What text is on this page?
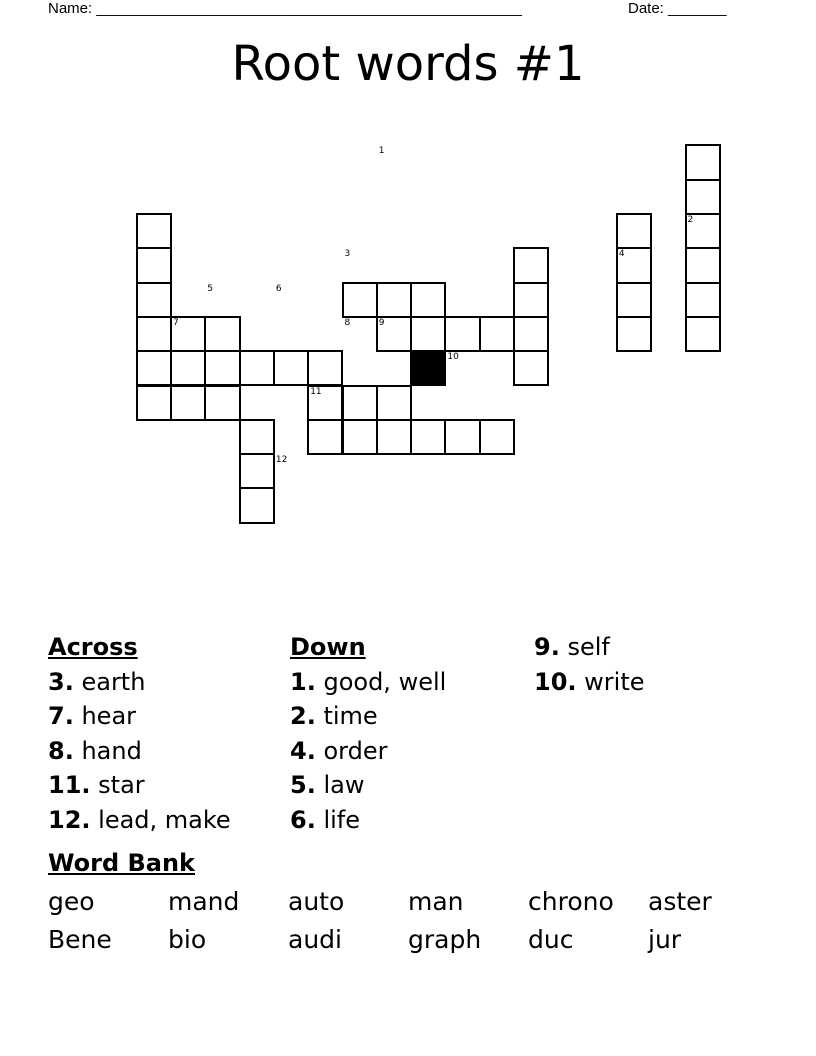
Name: ___________________________________________________	Date: _______
Root words #1
1
2
3	4
5	6
7	8	9
10
11
12
Across
3. earth
7. hear
8. hand
11. star
12. lead, make
Down
1. good, well
2. time
4. order
5. law
6. life
9. self
10. write
Word Bank
geo	mand auto	man	chrono aster
Bene bio	audi	graph duc	jur
